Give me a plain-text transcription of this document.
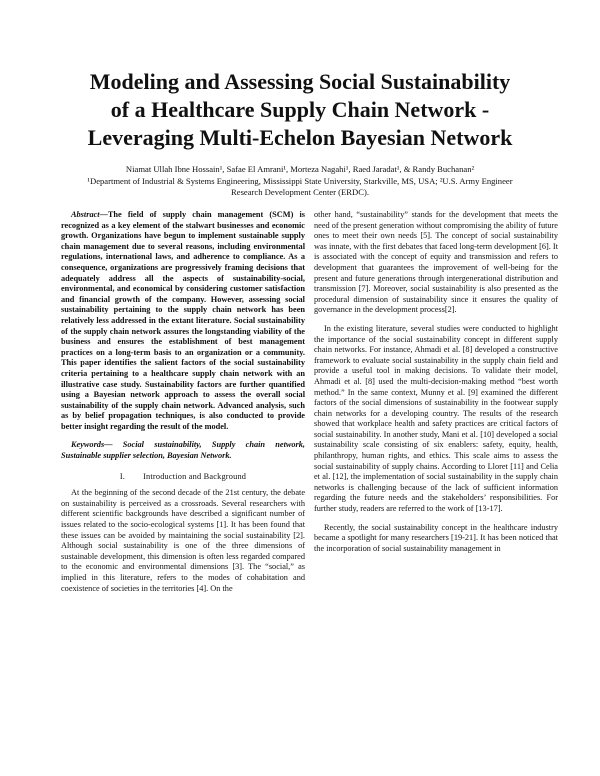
Modeling and Assessing Social Sustainability
of a Healthcare Supply Chain Network -
Leveraging Multi-Echelon Bayesian Network
Niamat Ullah Ibne Hossain¹, Safae El Amrani¹, Morteza Nagahi¹, Raed Jaradat¹, & Randy Buchanan²
¹Department of Industrial & Systems Engineering, Mississippi State University, Starkville, MS, USA; ²U.S. Army Engineer
Research Development Center (ERDC).

Abstract—The field of supply chain management (SCM) is recognized as a key element of the stalwart businesses and economic growth. Organizations have begun to implement sustainable supply chain management due to several reasons, including environmental regulations, international laws, and adherence to compliance. As a consequence, organizations are progressively framing decisions that adequately address all the aspects of sustainability-social, environmental, and economical by considering customer satisfaction and financial growth of the company. However, assessing social sustainability pertaining to the supply chain network has been relatively less addressed in the extant literature. Social sustainability of the supply chain network assures the longstanding viability of the business and ensures the establishment of best management practices on a long-term basis to an organization or a community. This paper identifies the salient factors of the social sustainability criteria pertaining to a healthcare supply chain network with an illustrative case study. Sustainability factors are further quantified using a Bayesian network approach to assess the overall social sustainability of the supply chain network. Advanced analysis, such as by belief propagation techniques, is also conducted to provide better insight regarding the result of the model.

Keywords— Social sustainability, Supply chain network, Sustainable supplier selection, Bayesian Network.

I. Introduction and Background

At the beginning of the second decade of the 21st century, the debate on sustainability is perceived as a crossroads. Several researchers with different scientific backgrounds have described a significant number of issues related to the socio-ecological systems [1]. It has been found that these issues can be avoided by maintaining the social sustainability [2]. Although social sustainability is one of the three dimensions of sustainable development, this dimension is often less regarded compared to the economic and environmental dimensions [3]. The “social,” as implied in this literature, refers to the modes of cohabitation and coexistence of societies in the territories [4]. On the

other hand, “sustainability” stands for the development that meets the need of the present generation without compromising the ability of future ones to meet their own needs [5]. The concept of social sustainability was innate, with the first debates that faced long-term development [6]. It is associated with the concept of equity and transmission and refers to development that guarantees the improvement of well-being for the present and future generations through intergenerational distribution and transmission [7]. Moreover, social sustainability is also presented as the procedural dimension of sustainability since it ensures the quality of governance in the development process[2].

In the existing literature, several studies were conducted to highlight the importance of the social sustainability concept in different supply chain networks. For instance, Ahmadi et al. [8] developed a constructive framework to evaluate social sustainability in the supply chain field and provide a useful tool in making decisions. To validate their model, Ahmadi et al. [8] used the multi-decision-making method “best worth method.” In the same context, Munny et al. [9] examined the different factors of the social dimensions of sustainability in the footwear supply chain networks for a developing country. The results of the research showed that workplace health and safety practices are critical factors of social sustainability. In another study, Mani et al. [10] developed a social sustainability scale consisting of six enablers: safety, equity, health, philanthropy, human rights, and ethics. This scale aims to assess the social sustainability of supply chains. According to Lloret [11] and Celia et al. [12], the implementation of social sustainability in the supply chain networks is challenging because of the lack of sufficient information regarding the future needs and the stakeholders’ responsibilities. For further study, readers are referred to the work of [13-17].

Recently, the social sustainability concept in the healthcare industry became a spotlight for many researchers [19-21]. It has been noticed that the incorporation of social sustainability management in
